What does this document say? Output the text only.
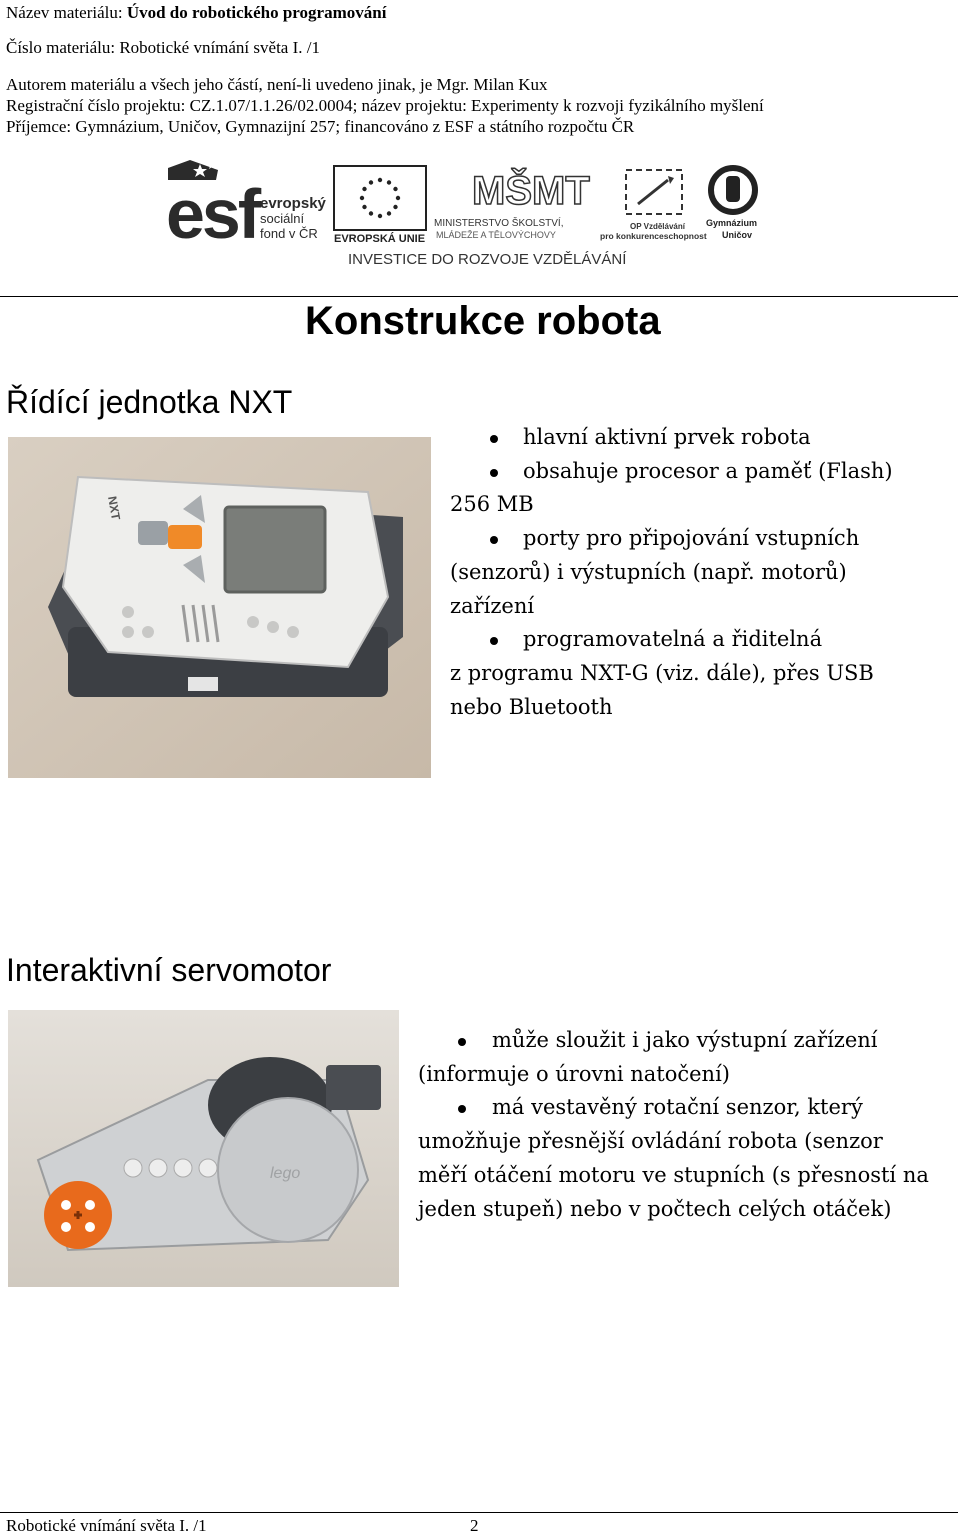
Název materiálu: Úvod do robotického programování
Číslo materiálu: Robotické vnímání světa I. /1
Autorem materiálu a všech jeho částí, není-li uvedeno jinak, je Mgr. Milan Kux
Registrační číslo projektu: CZ.1.07/1.1.26/02.0004; název projektu: Experimenty k rozvoji fyzikálního myšlení
Příjemce: Gymnázium, Uničov, Gymnazijní 257; financováno z ESF a státního rozpočtu ČR
esf evropský
sociální
fond v ČR EVROPSKÁ UNIE
MŠMT
MINISTERSTVO ŠKOLSTVÍ,
MLÁDEŽE A TĚLOVÝCHOVY
OP Vzdělávání
pro konkurenceschopnost
Gymnázium
Uničov
INVESTICE DO ROZVOJE VZDĚLÁVÁNÍ
Konstrukce robota
Řídící jednotka NXT
NXT

hlavní aktivní prvek robota

obsahuje procesor a paměť (Flash)

256 MB

porty pro připojování vstupních

(senzorů) i výstupních (např. motorů)

zařízení

programovatelná a řiditelná

z programu NXT-G (viz. dále), přes USB

nebo Bluetooth

Interaktivní servomotor
lego

může sloužit i jako výstupní zařízení

(informuje o úrovni natočení)

má vestavěný rotační senzor, který

umožňuje přesnější ovládání robota (senzor

měří otáčení motoru ve stupních (s přesností na

jeden stupeň) nebo v počtech celých otáček)

Robotické vnímání světa I. /1	2
